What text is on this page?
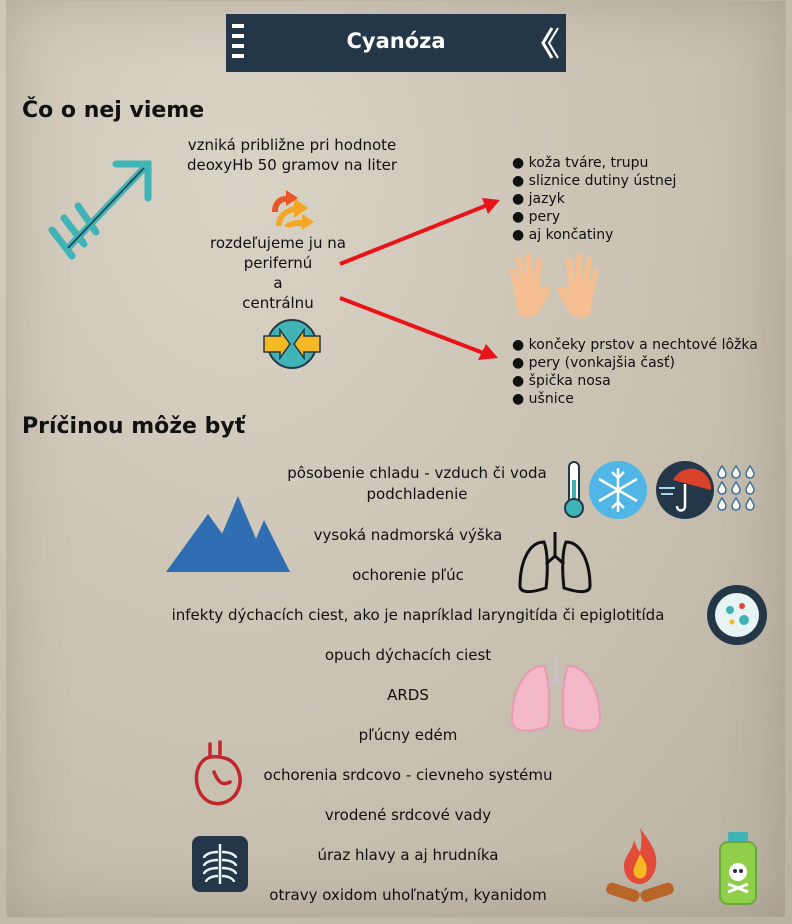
Cyanóza
Čo o nej vieme
vzniká približne pri hodnote
deoxyHb 50 gramov na liter
rozdeľujeme ju na
perifernú
a
centrálnu
● koža tváre, trupu
● sliznice dutiny ústnej
● jazyk
● pery
● aj končatiny
● končeky prstov a nechtové lôžka
● pery (vonkajšia časť)
● špička nosa
● ušnice
Príčinou môže byť
pôsobenie chladu - vzduch či voda
podchladenie
vysoká nadmorská výška
ochorenie pľúc
infekty dýchacích ciest, ako je napríklad laryngitída či epiglotitída
opuch dýchacích ciest
ARDS
pľúcny edém
ochorenia srdcovo - cievneho systému
vrodené srdcové vady
úraz hlavy a aj hrudníka
otravy oxidom uhoľnatým, kyanidom
